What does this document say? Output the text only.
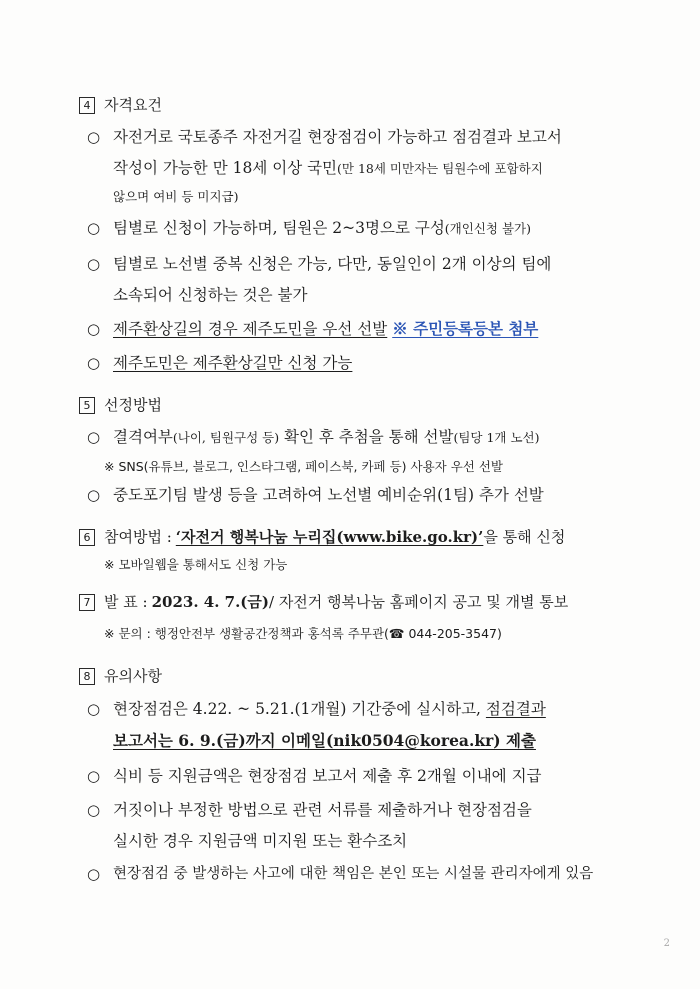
4 자격요건
○ 자전거로 국토종주 자전거길 현장점검이 가능하고 점검결과 보고서
작성이 가능한 만 18세 이상 국민(만 18세 미만자는 팀원수에 포함하지
않으며 여비 등 미지급)
○ 팀별로 신청이 가능하며, 팀원은 2~3명으로 구성(개인신청 불가)
○ 팀별로 노선별 중복 신청은 가능, 다만, 동일인이 2개 이상의 팀에
소속되어 신청하는 것은 불가
○ 제주환상길의 경우 제주도민을 우선 선발 ※ 주민등록등본 첨부
○ 제주도민은 제주환상길만 신청 가능
5 선정방법
○ 결격여부(나이, 팀원구성 등) 확인 후 추첨을 통해 선발(팀당 1개 노선)
※ SNS(유튜브, 블로그, 인스타그램, 페이스북, 카페 등) 사용자 우선 선발
○ 중도포기팀 발생 등을 고려하여 노선별 예비순위(1팀) 추가 선발
6 참여방법 : ‘자전거 행복나눔 누리집(www.bike.go.kr)’ 을 통해 신청
※ 모바일웹을 통해서도 신청 가능
7 발 표 : 2023. 4. 7.(금) / 자전거 행복나눔 홈페이지 공고 및 개별 통보
※ 문의 : 행정안전부 생활공간정책과 홍석록 주무관(☎ 044-205-3547)
8 유의사항
○ 현장점검은 4.22. ~ 5.21.(1개월) 기간중에 실시하고, 점검결과
보고서는 6. 9.(금)까지 이메일(nik0504@korea.kr) 제출
○ 식비 등 지원금액은 현장점검 보고서 제출 후 2개월 이내에 지급
○ 거짓이나 부정한 방법으로 관련 서류를 제출하거나 현장점검을
실시한 경우 지원금액 미지원 또는 환수조치
○ 현장점검 중 발생하는 사고에 대한 책임은 본인 또는 시설물 관리자에게 있음
2
